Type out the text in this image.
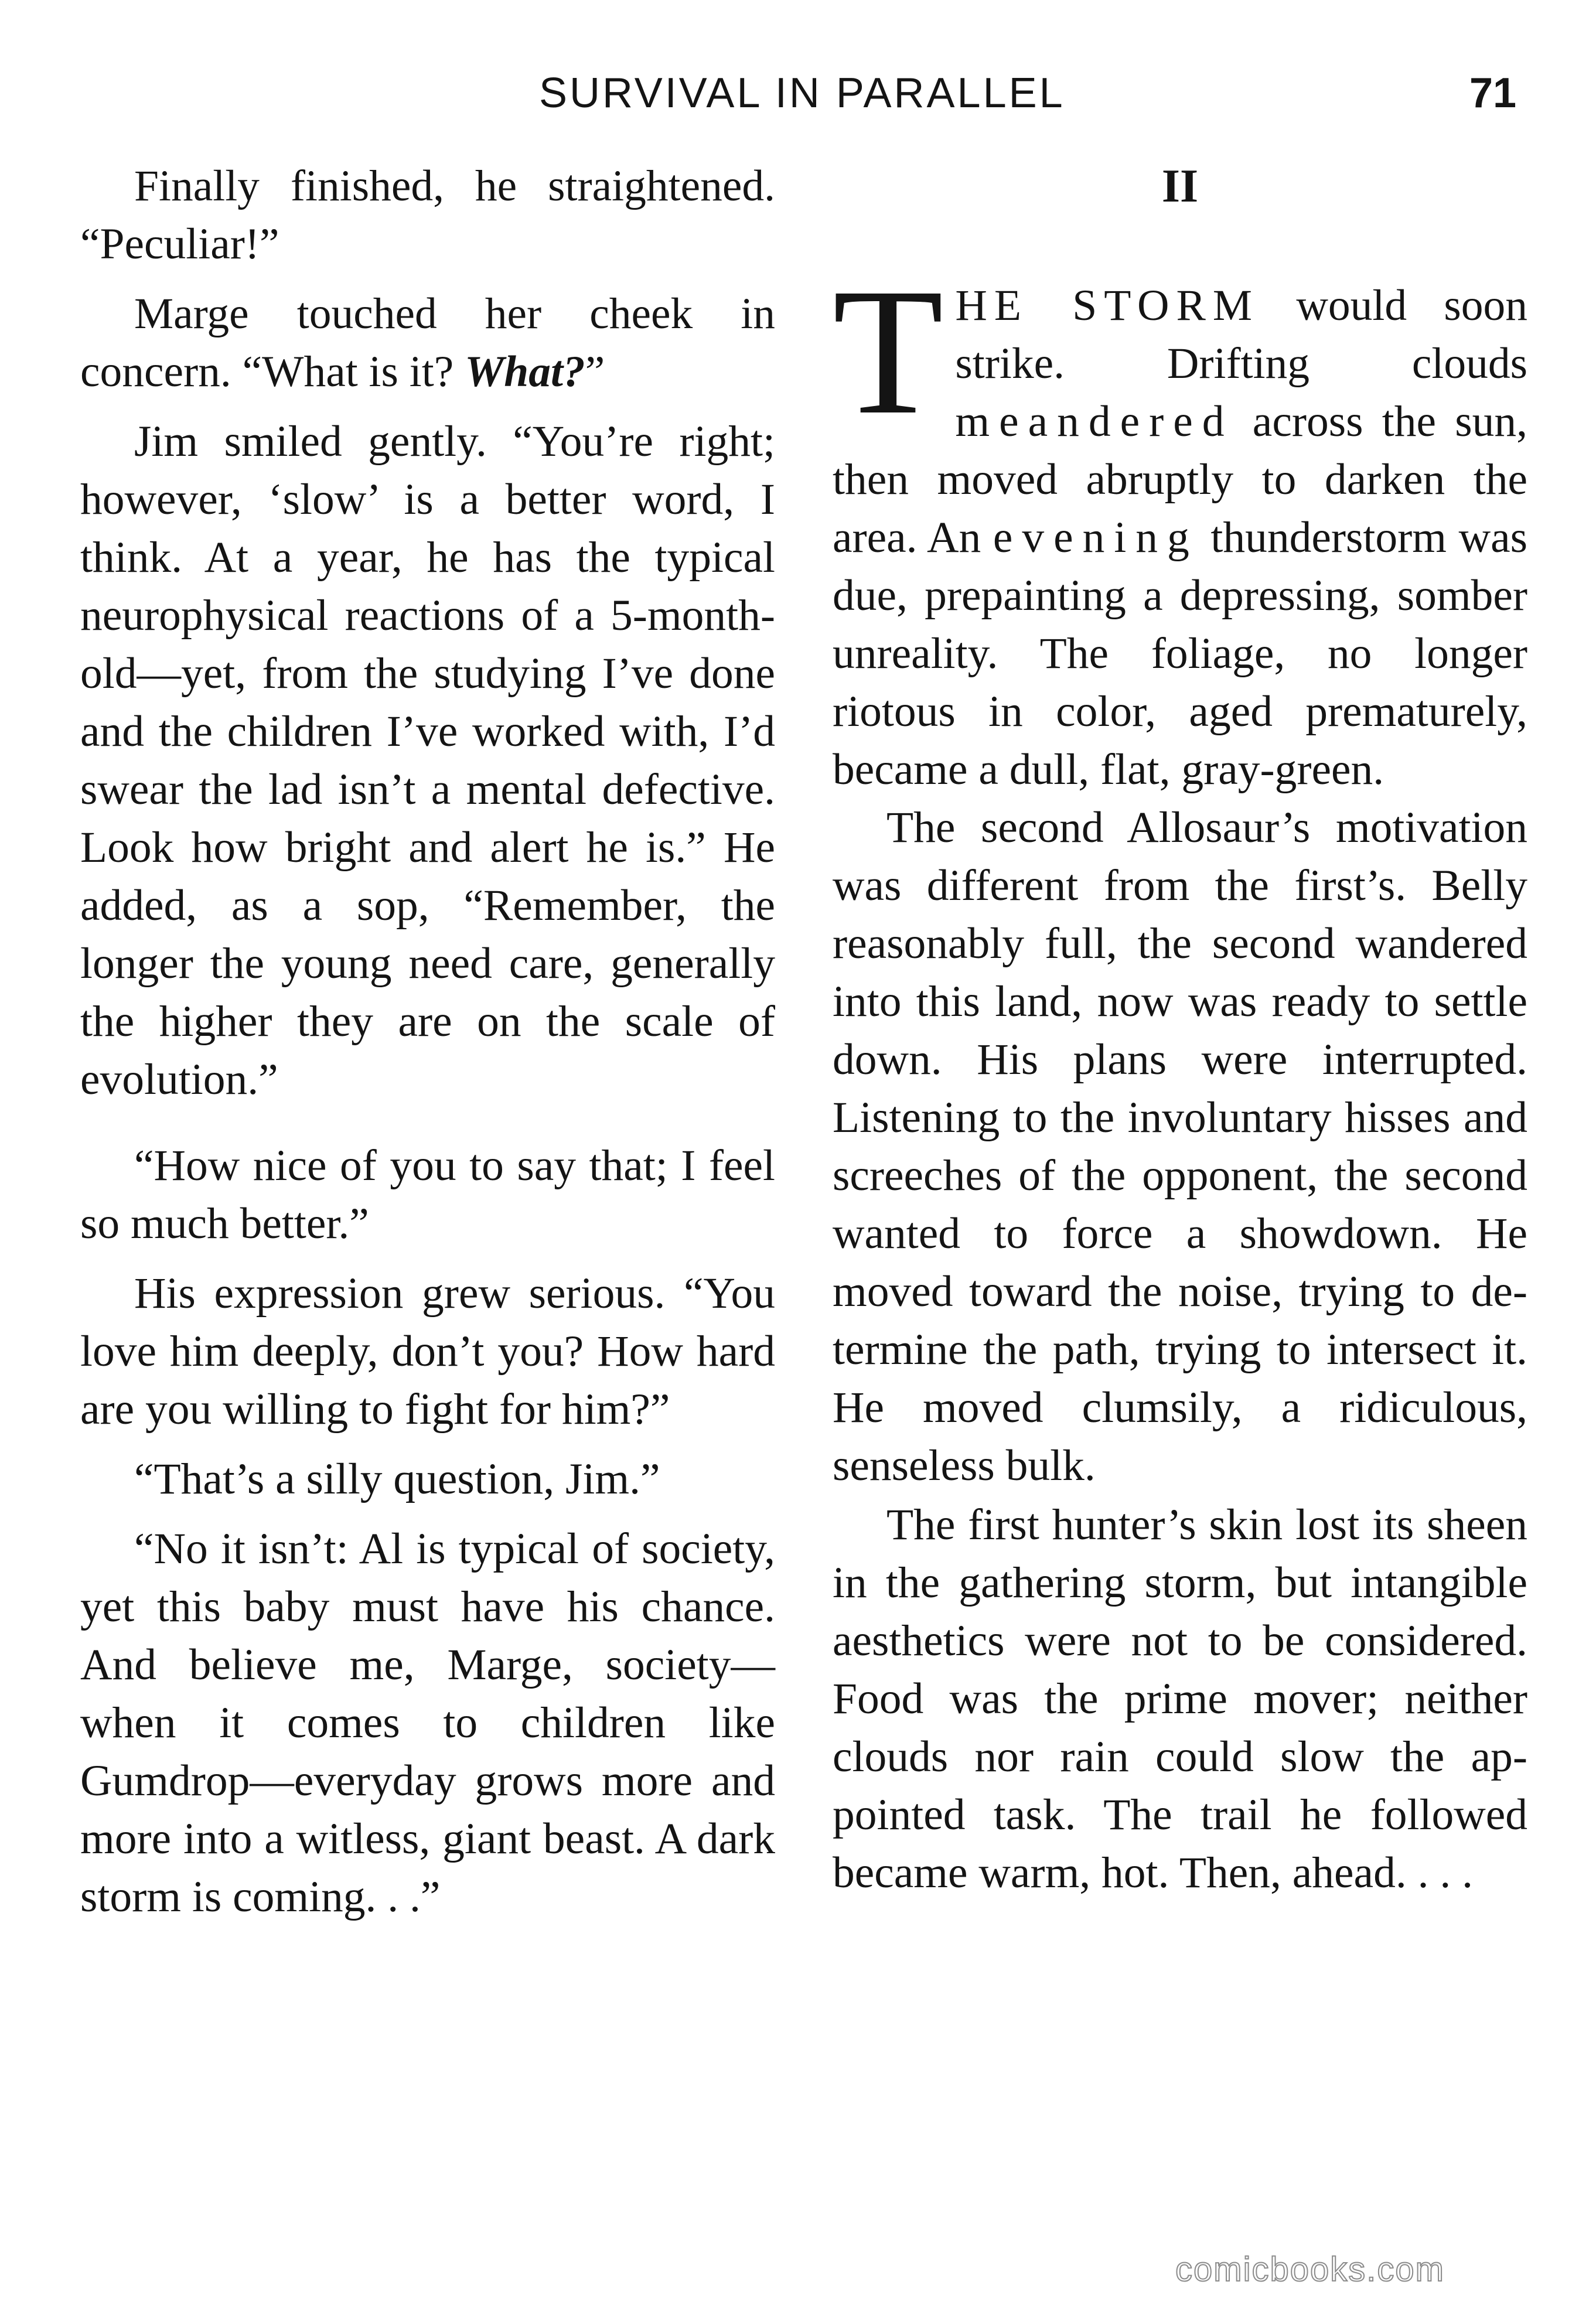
SURVIVAL IN PARALLEL	71

Finally finished, he straightened. “Peculiar!”

Marge touched her cheek in concern. “What is it? What?”

Jim smiled gently. “You’re right; however, ‘slow’ is a better word, I think. At a year, he has the typical neurophysical reactions of a 5-month-old—yet, from the studying I’ve done and the children I’ve worked with, I’d swear the lad isn’t a mental defective. Look how bright and alert he is.” He added, as a sop, “Remember, the longer the young need care, generally the higher they are on the scale of evolution.”

“How nice of you to say that; I feel so much better.”

His expression grew serious. “You love him deeply, don’t you? How hard are you willing to fight for him?”

“That’s a silly question, Jim.”

“No it isn’t: Al is typical of society, yet this baby must have his chance. And believe me, Marge, society—when it comes to children like Gumdrop—everyday grows more and more into a witless, giant beast. A dark storm is coming. . .”

II

THE STORM would soon strike. Drifting clouds meandered across the sun, then moved abruptly to darken the area. An evening thunderstorm was due, prepainting a depressing, somber unreality. The foliage, no longer riotous in color, aged prematurely, became a dull, flat, gray-green.

The second Allosaur’s motivation was different from the first’s. Belly reasonably full, the second wandered into this land, now was ready to settle down. His plans were interrupted. Listening to the involuntary hisses and screeches of the opponent, the second wanted to force a showdown. He moved toward the noise, trying to determine the path, trying to intersect it. He moved clumsily, a ridiculous, senseless bulk.

The first hunter’s skin lost its sheen in the gathering storm, but intangible aesthetics were not to be considered. Food was the prime mover; neither clouds nor rain could slow the appointed task. The trail he followed became warm, hot. Then, ahead. . . .

comicbooks.com
